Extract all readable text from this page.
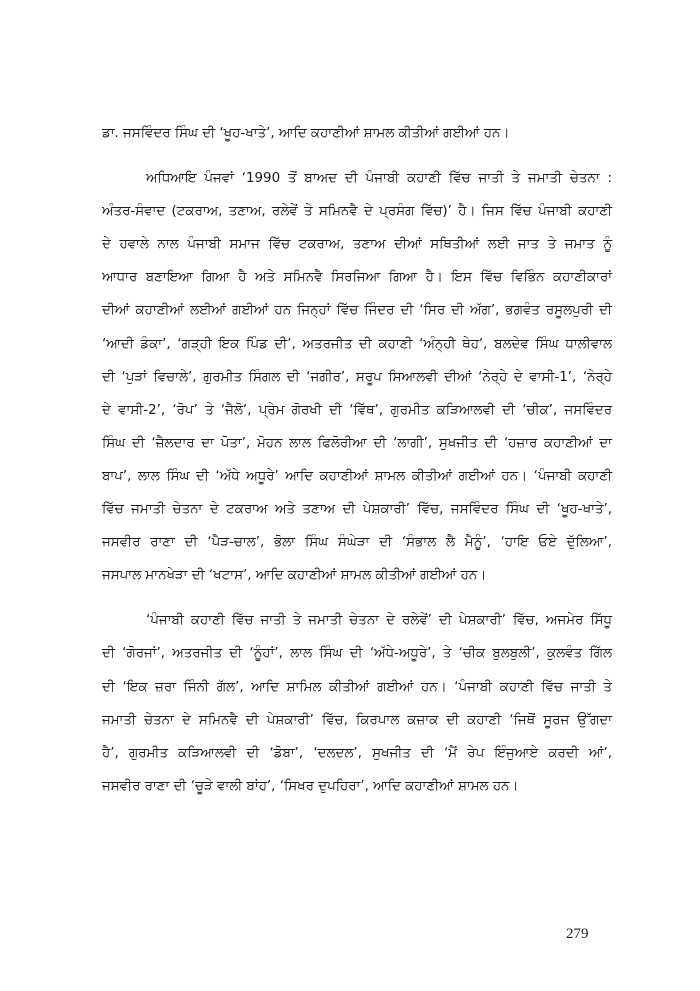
ਡਾ. ਜਸਵਿੰਦਰ ਸਿੰਘ ਦੀ ‘ਖੂਹ-ਖਾਤੇ’, ਆਦਿ ਕਹਾਣੀਆਂ ਸ਼ਾਮਲ ਕੀਤੀਆਂ ਗਈਆਂ ਹਨ।
ਅਧਿਆਇ ਪੰਜਵਾਂ ‘1990 ਤੋਂ ਬਾਅਦ ਦੀ ਪੰਜਾਬੀ ਕਹਾਣੀ ਵਿੱਚ ਜਾਤੀ ਤੇ ਜਮਾਤੀ ਚੇਤਨਾ :
ਅੰਤਰ-ਸੰਵਾਦ (ਟਕਰਾਅ, ਤਣਾਅ, ਰਲੇਵੇਂ ਤੇ ਸਮਿਨਵੈ ਦੇ ਪ੍ਰਸੰਗ ਵਿੱਚ)’ ਹੈ। ਜਿਸ ਵਿੱਚ ਪੰਜਾਬੀ ਕਹਾਣੀ
ਦੇ ਹਵਾਲੇ ਨਾਲ ਪੰਜਾਬੀ ਸਮਾਜ ਵਿੱਚ ਟਕਰਾਅ, ਤਣਾਅ ਦੀਆਂ ਸਥਿਤੀਆਂ ਲਈ ਜਾਤ ਤੇ ਜਮਾਤ ਨੂੰ
ਆਧਾਰ ਬਣਾਇਆ ਗਿਆ ਹੈ ਅਤੇ ਸਮਿਨਵੈ ਸਿਰਜਿਆ ਗਿਆ ਹੈ। ਇਸ ਵਿੱਚ ਵਿਭਿੰਨ ਕਹਾਣੀਕਾਰਾਂ
ਦੀਆਂ ਕਹਾਣੀਆਂ ਲਈਆਂ ਗਈਆਂ ਹਨ ਜਿਨ੍ਹਾਂ ਵਿੱਚ ਜਿੰਦਰ ਦੀ ‘ਸਿਰ ਦੀ ਅੱਗ’, ਭਗਵੰਤ ਰਸੂਲਪੁਰੀ ਦੀ
‘ਆਦੀ ਡੰਕਾ’, ‘ਗੜ੍ਹੀ ਇਕ ਪਿੰਡ ਦੀ’, ਅਤਰਜੀਤ ਦੀ ਕਹਾਣੀ ‘ਅੰਨ੍ਹੀ ਥੇਹ’, ਬਲਦੇਵ ਸਿੰਘ ਧਾਲੀਵਾਲ
ਦੀ ‘ਪੁੜਾਂ ਵਿਚਾਲੇ’, ਗੁਰਮੀਤ ਸਿੰਗਲ ਦੀ ‘ਜਗੀਰ’, ਸਰੂਪ ਸਿਆਲਵੀ ਦੀਆਂ ‘ਨੇਰ੍ਹੇ ਦੇ ਵਾਸੀ-1’, ‘ਨੇਰ੍ਹੇ
ਦੇ ਵਾਸੀ-2’, ‘ਰੋਪ’ ਤੇ ‘ਜੈਲੋ’, ਪ੍ਰੇਮ ਗੋਰਖੀ ਦੀ ‘ਵਿੱਥ’, ਗੁਰਮੀਤ ਕੜਿਆਲਵੀ ਦੀ ‘ਚੀਕ’, ਜਸਵਿੰਦਰ
ਸਿੰਘ ਦੀ ‘ਜ਼ੈਲਦਾਰ ਦਾ ਪੋਤਾ’, ਮੋਹਨ ਲਾਲ ਫਿਲੋਰੀਆ ਦੀ ‘ਲਾਗੀ’, ਸੁਖਜੀਤ ਦੀ ‘ਹਜ਼ਾਰ ਕਹਾਣੀਆਂ ਦਾ
ਬਾਪ’, ਲਾਲ ਸਿੰਘ ਦੀ ‘ਅੱਧੇ ਅਧੂਰੇ’ ਆਦਿ ਕਹਾਣੀਆਂ ਸ਼ਾਮਲ ਕੀਤੀਆਂ ਗਈਆਂ ਹਨ। ‘ਪੰਜਾਬੀ ਕਹਾਣੀ
ਵਿੱਚ ਜਮਾਤੀ ਚੇਤਨਾ ਦੇ ਟਕਰਾਅ ਅਤੇ ਤਣਾਅ ਦੀ ਪੇਸ਼ਕਾਰੀ’ ਵਿੱਚ, ਜਸਵਿੰਦਰ ਸਿੰਘ ਦੀ ‘ਖੂਹ-ਖਾਤੇ’,
ਜਸਵੀਰ ਰਾਣਾ ਦੀ ‘ਪੈੜ-ਚਾਲ’, ਭੋਲਾ ਸਿੰਘ ਸੰਘੇੜਾ ਦੀ ‘ਸੰਭਾਲ ਲੈ ਮੈਨੂੰ’, ‘ਹਾਇ ਓਏ ਦੁੱਲਿਆ’,
ਜਸਪਾਲ ਮਾਨਖੇੜਾ ਦੀ ‘ਖਟਾਸ’, ਆਦਿ ਕਹਾਣੀਆਂ ਸ਼ਾਮਲ ਕੀਤੀਆਂ ਗਈਆਂ ਹਨ।
‘ਪੰਜਾਬੀ ਕਹਾਣੀ ਵਿੱਚ ਜਾਤੀ ਤੇ ਜਮਾਤੀ ਚੇਤਨਾ ਦੇ ਰਲੇਵੇਂ’ ਦੀ ਪੇਸ਼ਕਾਰੀ’ ਵਿੱਚ, ਅਜਮੇਰ ਸਿੱਧੂ
ਦੀ ‘ਗੋਰਜਾਂ’, ਅਤਰਜੀਤ ਦੀ ‘ਨੂੰਹਾਂ’, ਲਾਲ ਸਿੰਘ ਦੀ ‘ਅੱਧੇ-ਅਧੂਰੇ’, ਤੇ ‘ਚੀਕ ਬੁਲਬੁਲੀ’, ਕੁਲਵੰਤ ਗਿੱਲ
ਦੀ ‘ਇਕ ਜ਼ਰਾ ਜਿੰਨੀ ਗੱਲ’, ਆਦਿ ਸ਼ਾਮਿਲ ਕੀਤੀਆਂ ਗਈਆਂ ਹਨ। ‘ਪੰਜਾਬੀ ਕਹਾਣੀ ਵਿੱਚ ਜਾਤੀ ਤੇ
ਜਮਾਤੀ ਚੇਤਨਾ ਦੇ ਸਮਿਨਵੈ ਦੀ ਪੇਸ਼ਕਾਰੀ’ ਵਿੱਚ, ਕਿਰਪਾਲ ਕਜ਼ਾਕ ਦੀ ਕਹਾਣੀ ‘ਜਿਥੋਂ ਸੂਰਜ ਉੱਗਦਾ
ਹੈ’, ਗੁਰਮੀਤ ਕੜਿਆਲਵੀ ਦੀ ‘ਡੋਬਾ’, ‘ਦਲਦਲ’, ਸੁਖਜੀਤ ਦੀ ‘ਮੈਂ ਰੇਪ ਇੰਜੁਆਏ ਕਰਦੀ ਆਂ’,
ਜਸਵੀਰ ਰਾਣਾ ਦੀ ‘ਚੂੜੇ ਵਾਲੀ ਬਾਂਹ’, ‘ਸਿਖਰ ਦੁਪਹਿਰਾ’, ਆਦਿ ਕਹਾਣੀਆਂ ਸ਼ਾਮਲ ਹਨ।
279
